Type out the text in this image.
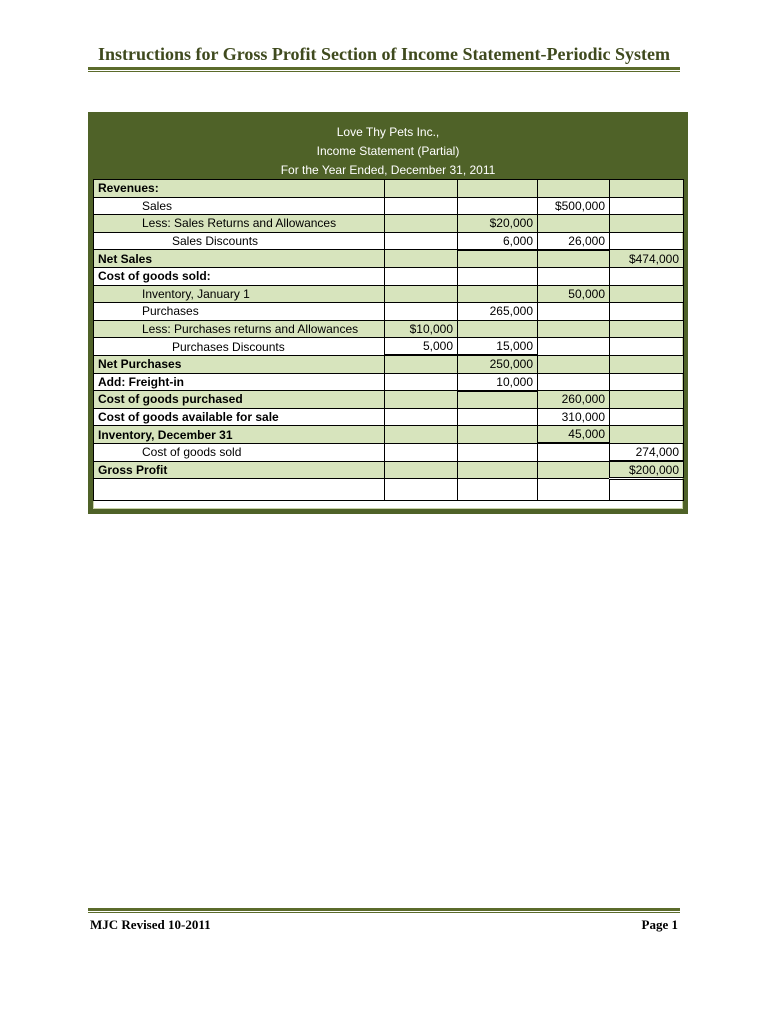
Instructions for Gross Profit Section of Income Statement-Periodic System
Love Thy Pets Inc.,
Income Statement (Partial)
For the Year Ended, December 31, 2011
Revenues:				
Sales			$500,000	
Less: Sales Returns and Allowances		$20,000		
Sales Discounts		6,000	26,000	
Net Sales				$474,000
Cost of goods sold:				
Inventory, January 1			50,000	
Purchases		265,000		
Less: Purchases returns and Allowances	$10,000			
Purchases Discounts	5,000	15,000		
Net Purchases		250,000		
Add: Freight-in		10,000		
Cost of goods purchased			260,000	
Cost of goods available for sale			310,000	
Inventory, December 31			45,000	
Cost of goods sold				274,000
Gross Profit				$200,000

MJC Revised 10-2011	Page 1
